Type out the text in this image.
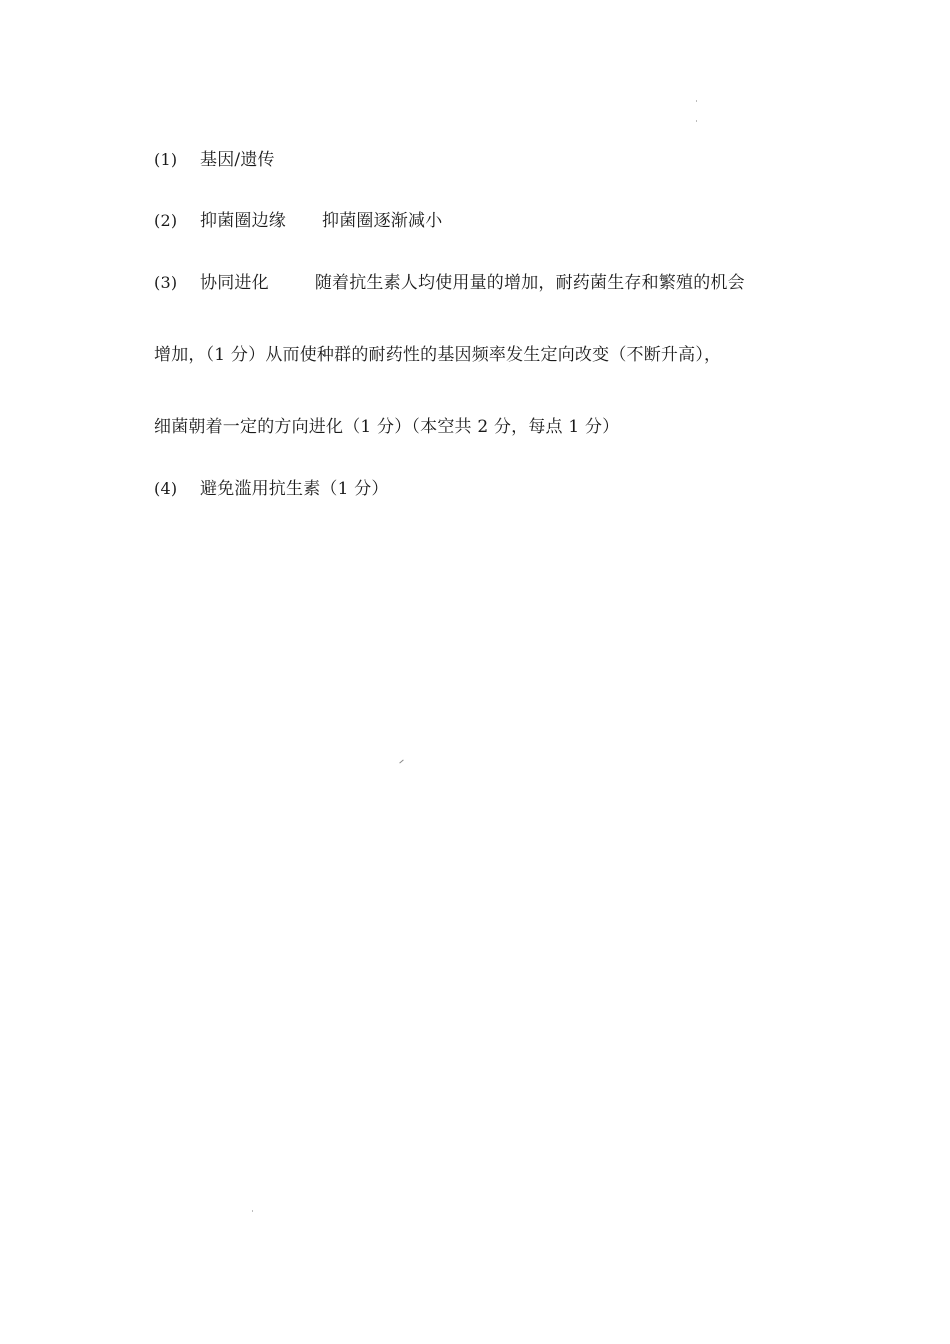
(1) 基因/遗传
(2) 抑菌圈边缘 抑菌圈逐渐减小
(3) 协同进化	随着抗生素人均使用量的增加，耐药菌生存和繁殖的机会
增加，（1 分）从而使种群的耐药性的基因频率发生定向改变（不断升高），
细菌朝着一定的方向进化（1 分）（本空共 2 分，每点 1 分）
(4) 避免滥用抗生素（1 分）
